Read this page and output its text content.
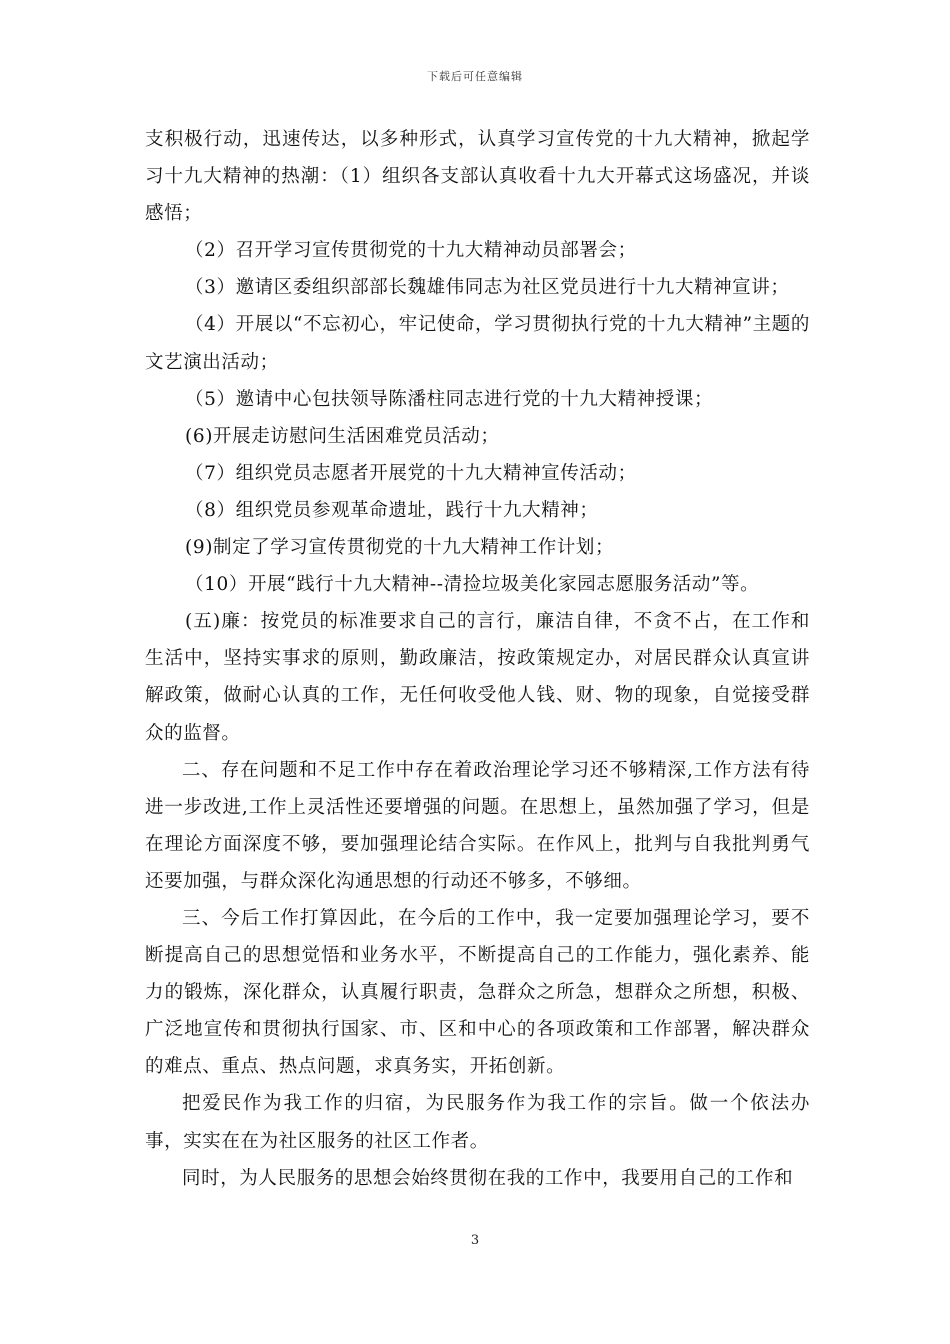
下载后可任意编辑

支积极行动，迅速传达，以多种形式，认真学习宣传党的十九大精神，掀起学习十九大精神的热潮：（1）组织各支部认真收看十九大开幕式这场盛况，并谈感悟；

（2）召开学习宣传贯彻党的十九大精神动员部署会；

（3）邀请区委组织部部长魏雄伟同志为社区党员进行十九大精神宣讲；

（4）开展以“不忘初心，牢记使命，学习贯彻执行党的十九大精神”主题的文艺演出活动；

（5）邀请中心包扶领导陈潘柱同志进行党的十九大精神授课；

(6)开展走访慰问生活困难党员活动；

（7）组织党员志愿者开展党的十九大精神宣传活动；

（8）组织党员参观革命遗址，践行十九大精神；

(9)制定了学习宣传贯彻党的十九大精神工作计划；

（10）开展“践行十九大精神--清捡垃圾美化家园志愿服务活动”等。

(五)廉：按党员的标准要求自己的言行，廉洁自律，不贪不占，在工作和生活中，坚持实事求的原则，勤政廉洁，按政策规定办，对居民群众认真宣讲解政策，做耐心认真的工作，无任何收受他人钱、财、物的现象，自觉接受群众的监督。

二、存在问题和不足工作中存在着政治理论学习还不够精深,工作方法有待进一步改进,工作上灵活性还要增强的问题。在思想上，虽然加强了学习，但是在理论方面深度不够，要加强理论结合实际。在作风上，批判与自我批判勇气还要加强，与群众深化沟通思想的行动还不够多，不够细。

三、今后工作打算因此，在今后的工作中，我一定要加强理论学习，要不断提高自己的思想觉悟和业务水平，不断提高自己的工作能力，强化素养、能力的锻炼，深化群众，认真履行职责，急群众之所急，想群众之所想，积极、广泛地宣传和贯彻执行国家、市、区和中心的各项政策和工作部署，解决群众的难点、重点、热点问题，求真务实，开拓创新。

把爱民作为我工作的归宿，为民服务作为我工作的宗旨。做一个依法办事，实实在在为社区服务的社区工作者。

同时，为人民服务的思想会始终贯彻在我的工作中，我要用自己的工作和

3
